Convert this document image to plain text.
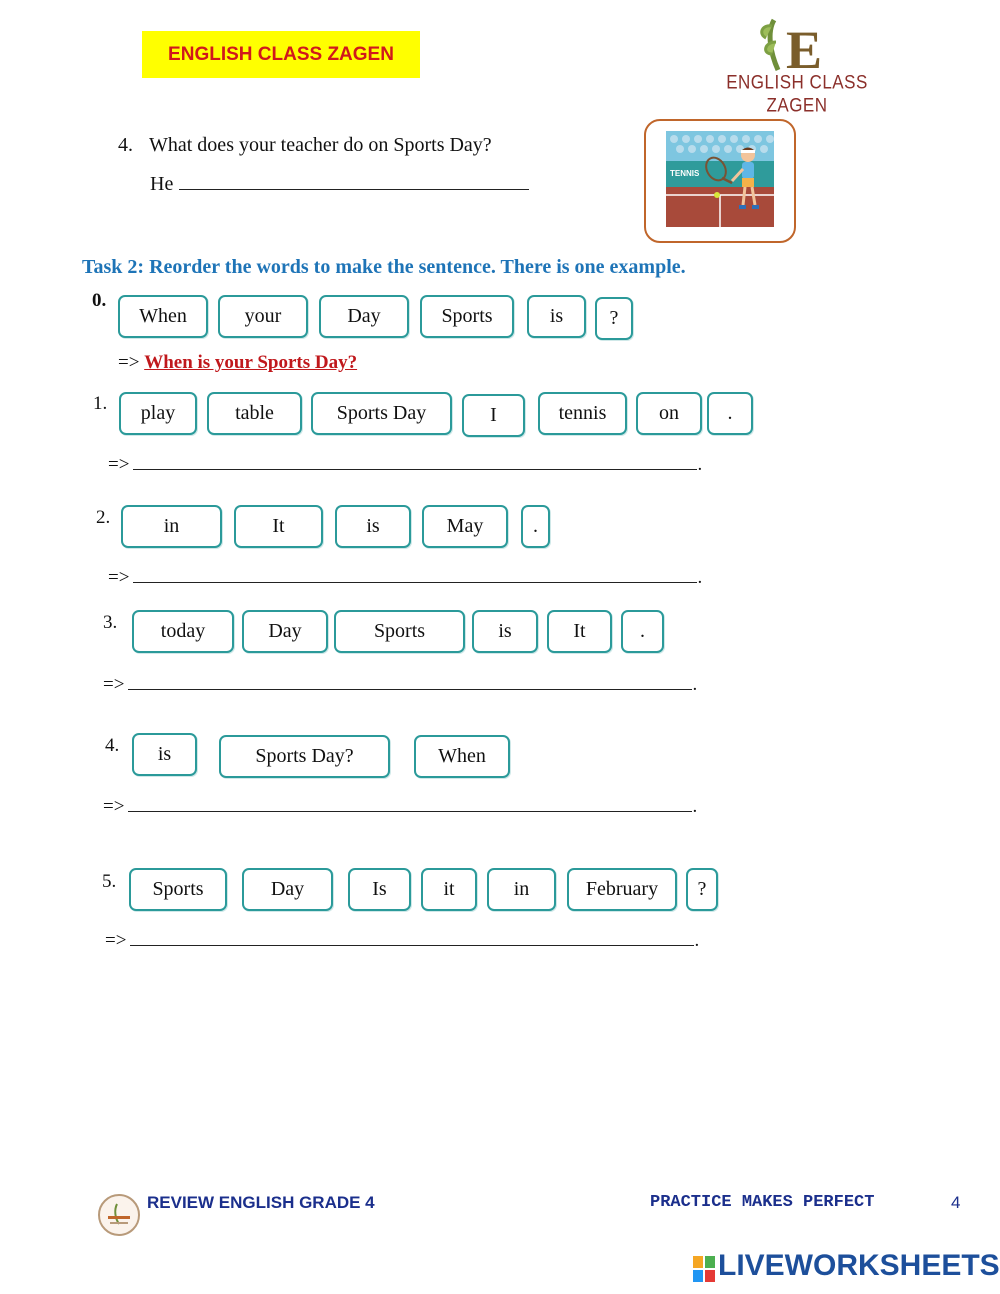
ENGLISH CLASS ZAGEN	E
ENGLISH CLASS ZAGEN
4. What does your teacher do on Sports Day?
He	TENNIS
Task 2: Reorder the words to make the sentence. There is one example.
0.
When	your	Day	Sports	is	?
=> When is your Sports Day?
1.	play	table	Sports Day	I	tennis	on	.
=>	.
2.	in	It	is	May	.
=>	.
3.	today	Day	Sports	is	It	.
=>	.
4.	is	Sports Day?	When
=>	.
5.	Sports	Day	Is	it	in	February	?
=>	.
REVIEW ENGLISH GRADE 4	PRACTICE MAKES PERFECT	4
LIVEWORKSHEETS
